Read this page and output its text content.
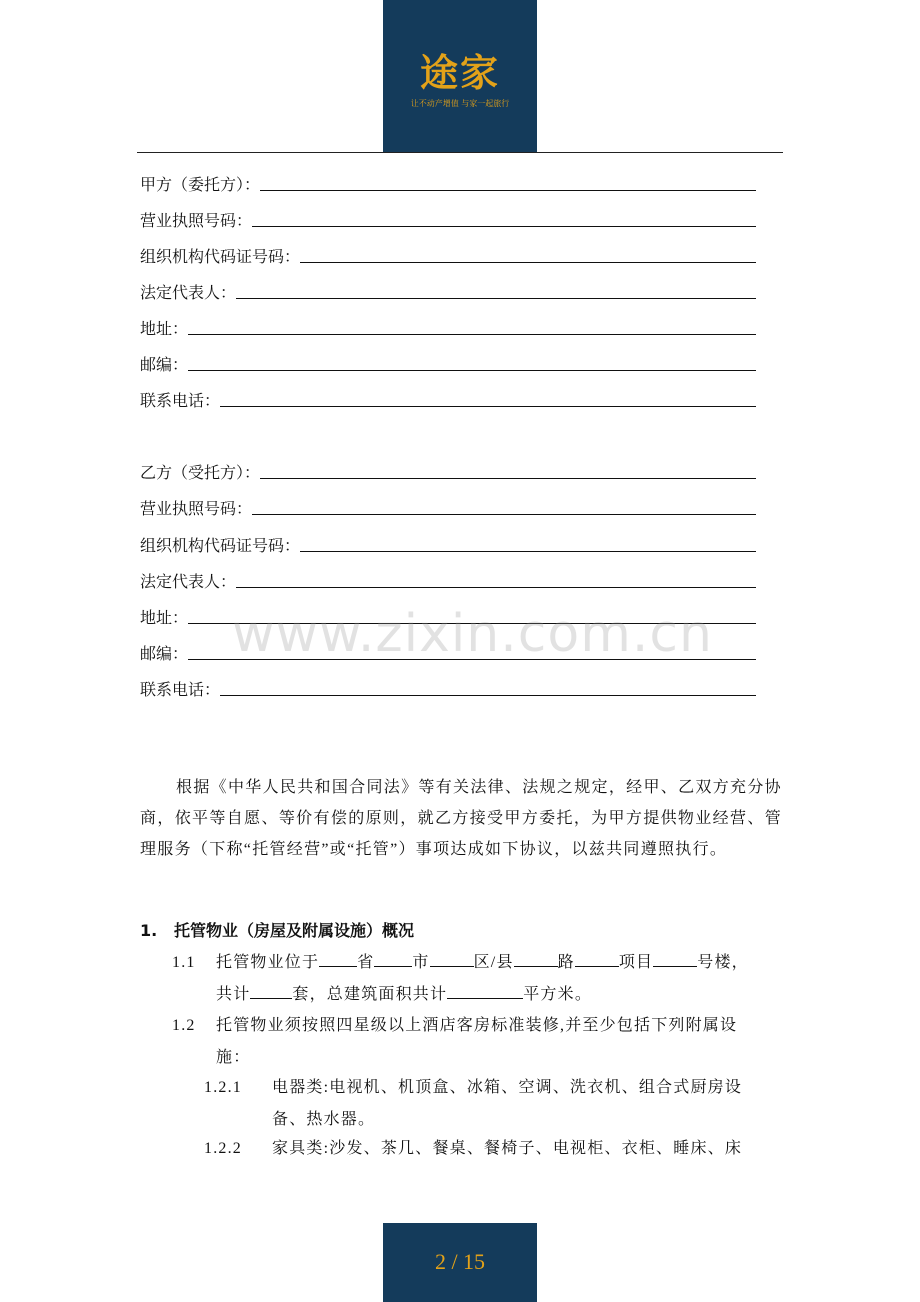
途家
让不动产增值 与家一起旅行
甲方（委托方）：
营业执照号码：
组织机构代码证号码：
法定代表人：
地址：
邮编：
联系电话：
乙方（受托方）：
营业执照号码：
组织机构代码证号码：
法定代表人：
地址：
邮编：
联系电话：
www.zixin.com.cn
根据《中华人民共和国合同法》等有关法律、法规之规定，经甲、乙双方充分协商，依平等自愿、等价有偿的原则，就乙方接受甲方委托，为甲方提供物业经营、管理服务（下称“托管经营”或“托管”）事项达成如下协议，以兹共同遵照执行。
1. 托管物业（房屋及附属设施）概况
1.1	托管物业位于 省 市	区/县	路	项目	号楼，
共计	套，总建筑面积共计	平方米。
1.2 托管物业须按照四星级以上酒店客房标准装修,并至少包括下列附属设
施：
1.2.1 电器类:电视机、机顶盒、冰箱、空调、洗衣机、组合式厨房设
备、热水器。
1.2.2 家具类:沙发、茶几、餐桌、餐椅子、电视柜、衣柜、睡床、床
2 / 15
